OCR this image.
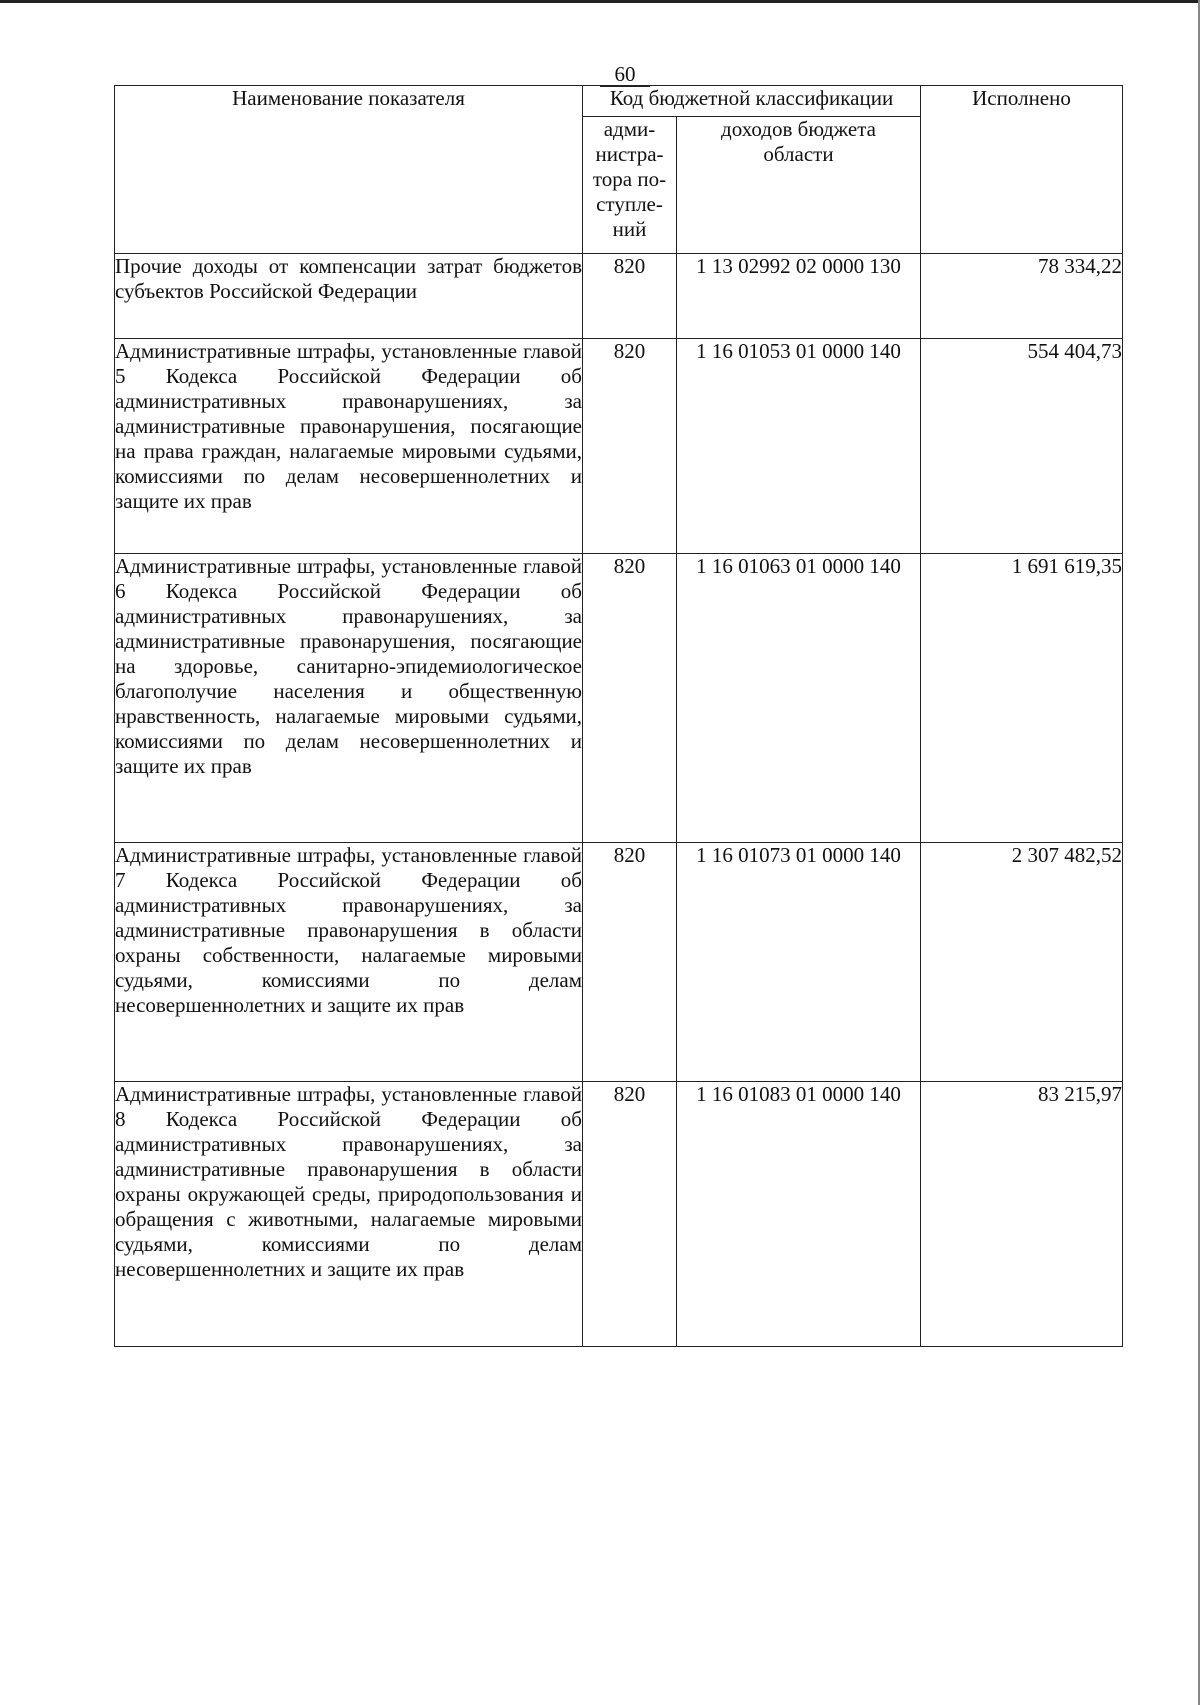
60
Наименование показателя	Код бюджетной классификации		Исполнено
	адми-нистра-тора по-ступле-ний	доходов бюджета области	

Прочие доходы от компенсации затрат бюджетов субъектов Российской Федерации	820	1 13 02992 02 0000 130	78 334,22

Административные штрафы, установленные главой 5 Кодекса Российской Федерации об административных правонарушениях, за административные правонарушения, посягающие на права граждан, налагаемые мировыми судьями, комиссиями по делам несовершеннолетних и защите их прав	820	1 16 01053 01 0000 140	554 404,73

Административные штрафы, установленные главой 6 Кодекса Российской Федерации об административных правонарушениях, за административные правонарушения, посягающие на здоровье, санитарно-эпидемиологическое благополучие населения и общественную нравственность, налагаемые мировыми судьями, комиссиями по делам несовершеннолетних и защите их прав	820	1 16 01063 01 0000 140	1 691 619,35

Административные штрафы, установленные главой 7 Кодекса Российской Федерации об административных правонарушениях, за административные правонарушения в области охраны собственности, налагаемые мировыми судьями, комиссиями по делам несовершеннолетних и защите их прав	820	1 16 01073 01 0000 140	2 307 482,52

Административные штрафы, установленные главой 8 Кодекса Российской Федерации об административных правонарушениях, за административные правонарушения в области охраны окружающей среды, природопользования и обращения с животными, налагаемые мировыми судьями, комиссиями по делам несовершеннолетних и защите их прав	820	1 16 01083 01 0000 140	83 215,97
